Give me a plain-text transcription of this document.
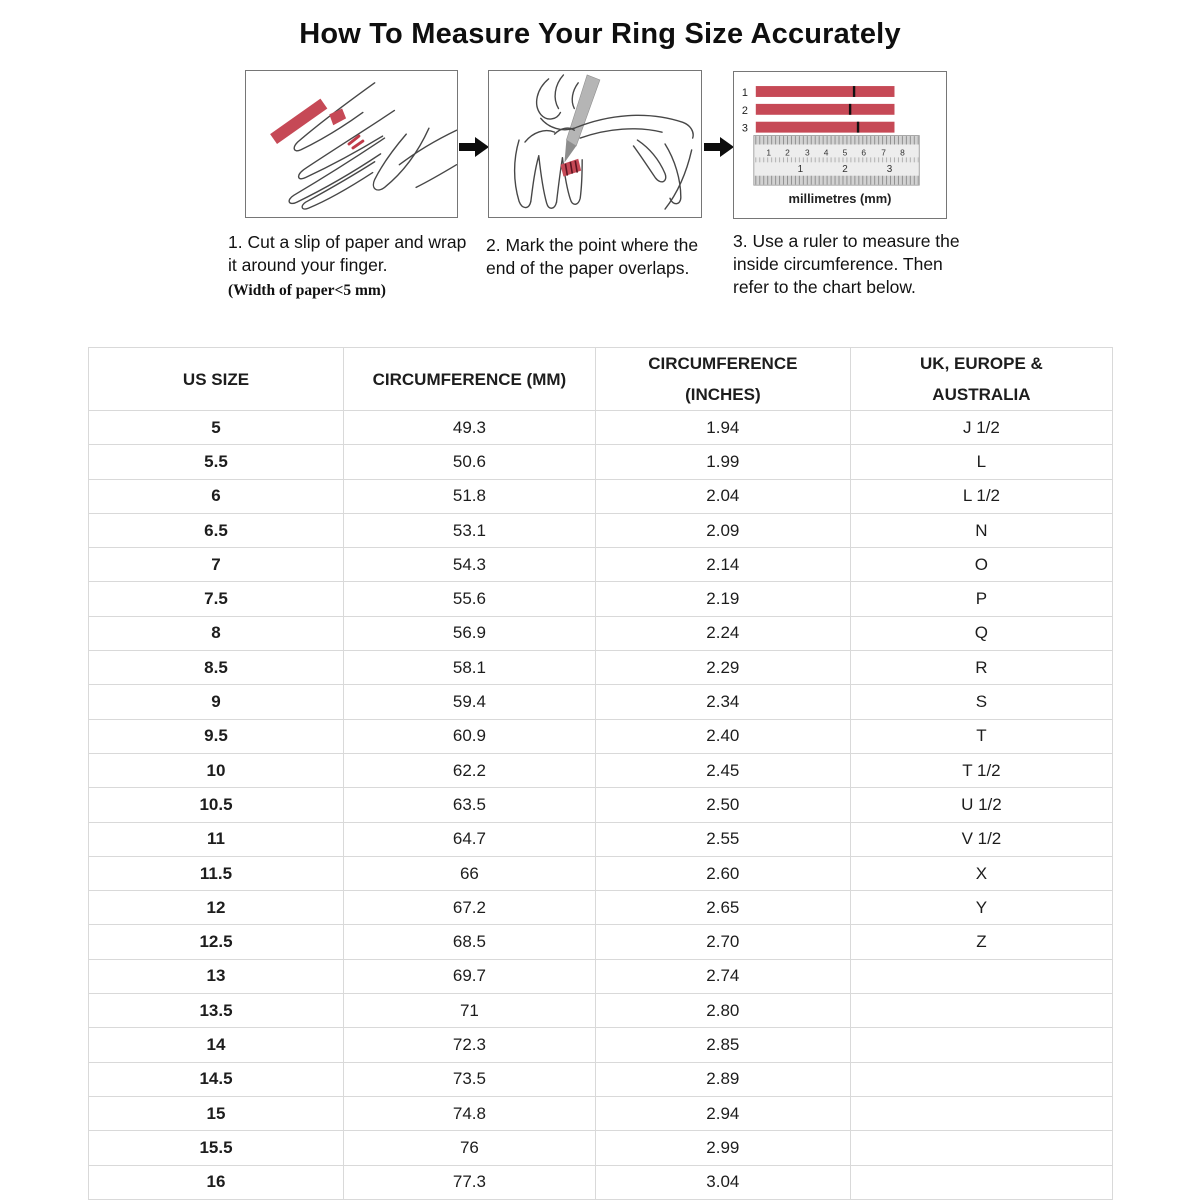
How To Measure Your Ring Size Accurately
1
2
3
1 2 3 4 5 6 7 8
1	2	3
millimetres (mm)
1. Cut a slip of paper and wrap it around your finger.
(Width of paper<5 mm)
2. Mark the point where the end of the paper overlaps.
3. Use a ruler to measure the inside circumference. Then refer to the chart below.
US SIZE	CIRCUMFERENCE (MM)

CIRCUMFERENCE
(INCHES)

UK, EUROPE &
AUSTRALIA

5	49.3	1.94	J 1/2
5.5	50.6	1.99	L
6	51.8	2.04	L 1/2
6.5	53.1	2.09	N
7	54.3	2.14	O
7.5	55.6	2.19	P
8	56.9	2.24	Q
8.5	58.1	2.29	R
9	59.4	2.34	S
9.5	60.9	2.40	T
10	62.2	2.45	T 1/2
10.5	63.5	2.50	U 1/2
11	64.7	2.55	V 1/2
11.5	66	2.60	X
12	67.2	2.65	Y
12.5	68.5	2.70	Z
13	69.7	2.74	
13.5	71	2.80	
14	72.3	2.85	
14.5	73.5	2.89	
15	74.8	2.94	
15.5	76	2.99	
16	77.3	3.04	
